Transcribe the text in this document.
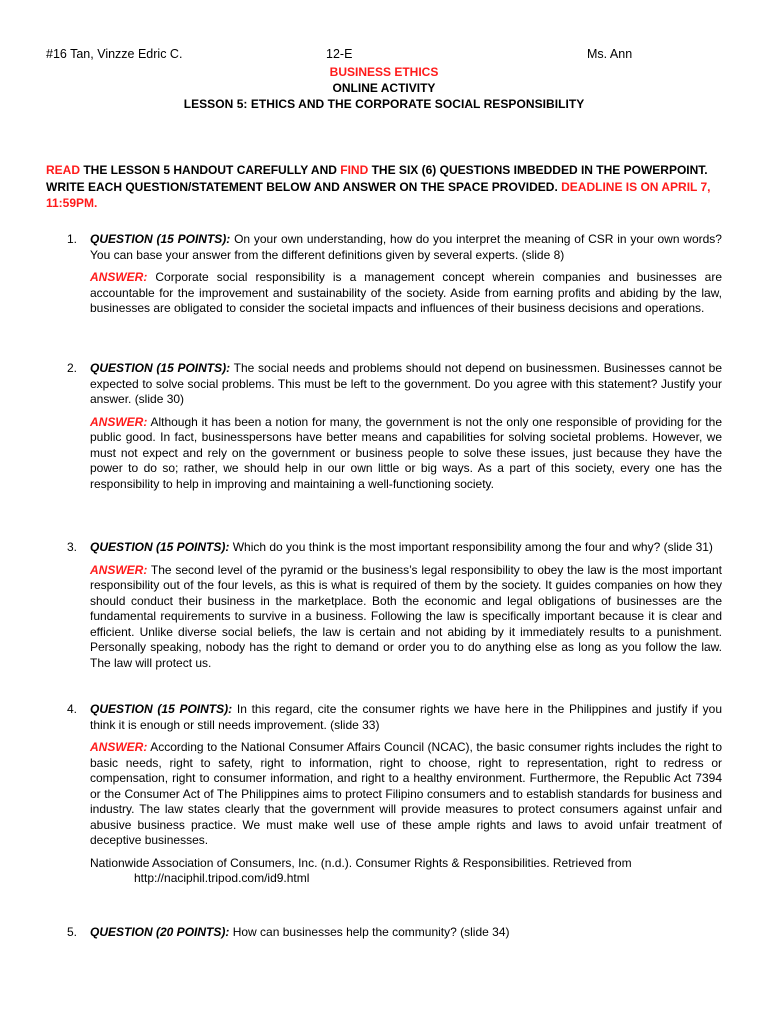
#16 Tan, Vinzze Edric C.	12-E	Ms. Ann
BUSINESS ETHICS
ONLINE ACTIVITY
LESSON 5: ETHICS AND THE CORPORATE SOCIAL RESPONSIBILITY
READ THE LESSON 5 HANDOUT CAREFULLY AND FIND THE SIX (6) QUESTIONS IMBEDDED IN THE POWERPOINT. WRITE EACH QUESTION/STATEMENT BELOW AND ANSWER ON THE SPACE PROVIDED. DEADLINE IS ON APRIL 7, 11:59PM.
1. QUESTION (15 POINTS): On your own understanding, how do you interpret the meaning of CSR in your own words? You can base your answer from the different definitions given by several experts. (slide 8)

ANSWER: Corporate social responsibility is a management concept wherein companies and businesses are accountable for the improvement and sustainability of the society. Aside from earning profits and abiding by the law, businesses are obligated to consider the societal impacts and influences of their business decisions and operations.

2. QUESTION (15 POINTS): The social needs and problems should not depend on businessmen. Businesses cannot be expected to solve social problems. This must be left to the government. Do you agree with this statement? Justify your answer. (slide 30)

ANSWER: Although it has been a notion for many, the government is not the only one responsible of providing for the public good. In fact, businesspersons have better means and capabilities for solving societal problems. However, we must not expect and rely on the government or business people to solve these issues, just because they have the power to do so; rather, we should help in our own little or big ways. As a part of this society, every one has the responsibility to help in improving and maintaining a well-functioning society.

3. QUESTION (15 POINTS): Which do you think is the most important responsibility among the four and why? (slide 31)

ANSWER: The second level of the pyramid or the business’s legal responsibility to obey the law is the most important responsibility out of the four levels, as this is what is required of them by the society. It guides companies on how they should conduct their business in the marketplace. Both the economic and legal obligations of businesses are the fundamental requirements to survive in a business. Following the law is specifically important because it is clear and efficient. Unlike diverse social beliefs, the law is certain and not abiding by it immediately results to a punishment. Personally speaking, nobody has the right to demand or order you to do anything else as long as you follow the law. The law will protect us.

4. QUESTION (15 POINTS): In this regard, cite the consumer rights we have here in the Philippines and justify if you think it is enough or still needs improvement. (slide 33)

ANSWER: According to the National Consumer Affairs Council (NCAC), the basic consumer rights includes the right to basic needs, right to safety, right to information, right to choose, right to representation, right to redress or compensation, right to consumer information, and right to a healthy environment. Furthermore, the Republic Act 7394 or the Consumer Act of The Philippines aims to protect Filipino consumers and to establish standards for business and industry. The law states clearly that the government will provide measures to protect consumers against unfair and abusive business practice. We must make well use of these ample rights and laws to avoid unfair treatment of deceptive businesses.

Nationwide Association of Consumers, Inc. (n.d.). Consumer Rights & Responsibilities. Retrieved from
http://naciphil.tripod.com/id9.html

5. QUESTION (20 POINTS): How can businesses help the community? (slide 34)
